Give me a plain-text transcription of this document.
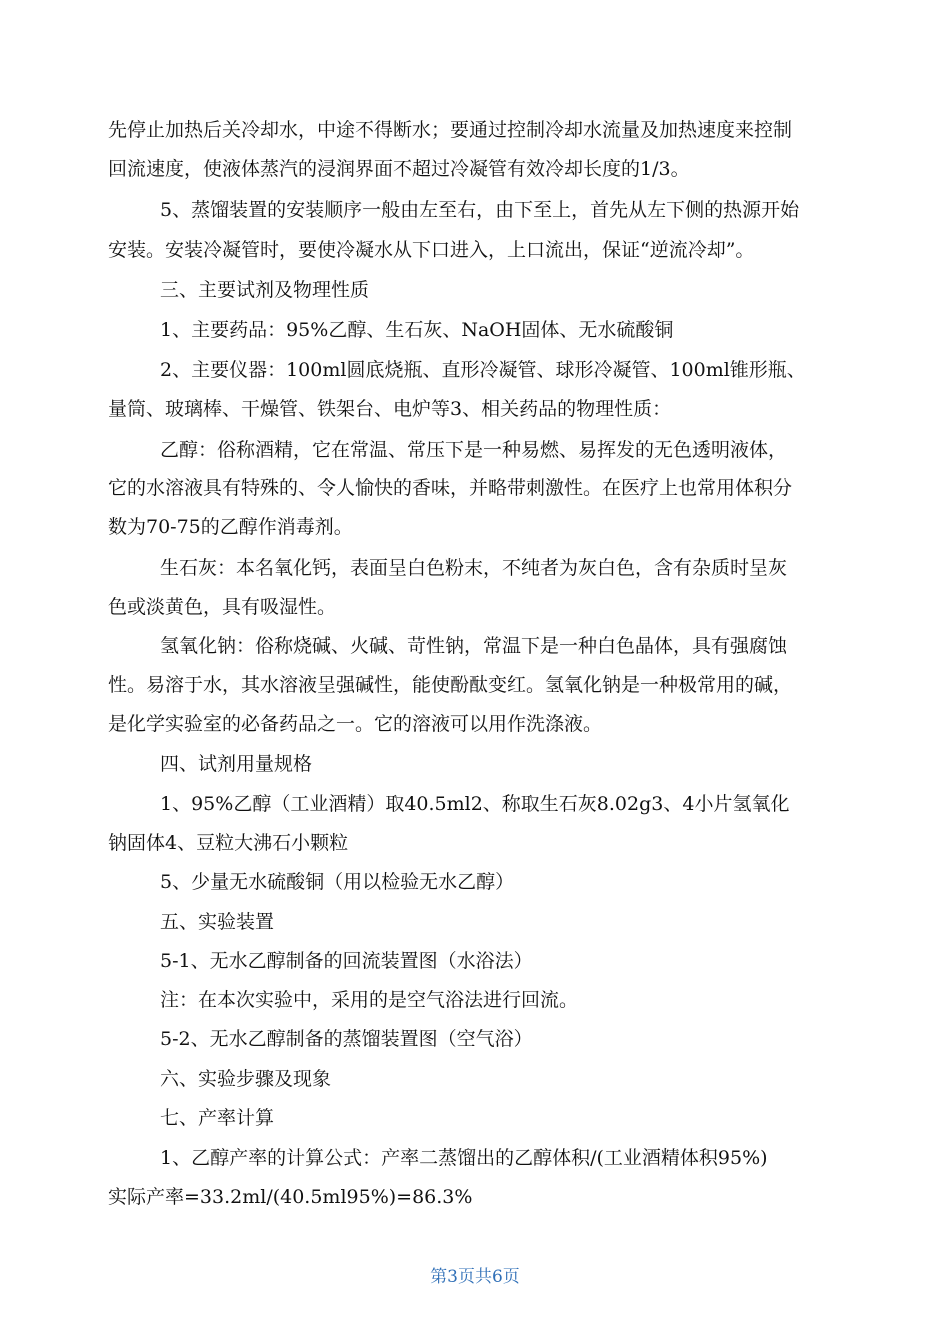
先停止加热后关冷却水，中途不得断水；要通过控制冷却水流量及加热速度来控制
回流速度，使液体蒸汽的浸润界面不超过冷凝管有效冷却长度的1/3。
5、蒸馏装置的安装顺序一般由左至右，由下至上，首先从左下侧的热源开始
安装。安装冷凝管时，要使冷凝水从下口进入，上口流出，保证“逆流冷却”。
三、主要试剂及物理性质
1、主要药品：95%乙醇、生石灰、NaOH固体、无水硫酸铜
2、主要仪器：100ml圆底烧瓶、直形冷凝管、球形冷凝管、100ml锥形瓶、
量筒、玻璃棒、干燥管、铁架台、电炉等3、相关药品的物理性质：
乙醇：俗称酒精，它在常温、常压下是一种易燃、易挥发的无色透明液体，
它的水溶液具有特殊的、令人愉快的香味，并略带刺激性。在医疗上也常用体积分
数为70-75的乙醇作消毒剂。
生石灰：本名氧化钙，表面呈白色粉末，不纯者为灰白色，含有杂质时呈灰
色或淡黄色，具有吸湿性。
氢氧化钠：俗称烧碱、火碱、苛性钠，常温下是一种白色晶体，具有强腐蚀
性。易溶于水，其水溶液呈强碱性，能使酚酞变红。氢氧化钠是一种极常用的碱，
是化学实验室的必备药品之一。它的溶液可以用作洗涤液。
四、试剂用量规格
1、95%乙醇（工业酒精）取40.5ml2、称取生石灰8.02g3、4小片氢氧化
钠固体4、豆粒大沸石小颗粒
5、少量无水硫酸铜（用以检验无水乙醇）
五、实验装置
5-1、无水乙醇制备的回流装置图（水浴法）
注：在本次实验中，采用的是空气浴法进行回流。
5-2、无水乙醇制备的蒸馏装置图（空气浴）
六、实验步骤及现象
七、产率计算
1、乙醇产率的计算公式：产率二蒸馏出的乙醇体积/(工业酒精体积95%)
实际产率=33.2ml/(40.5ml95%)=86.3%
第3页共6页
